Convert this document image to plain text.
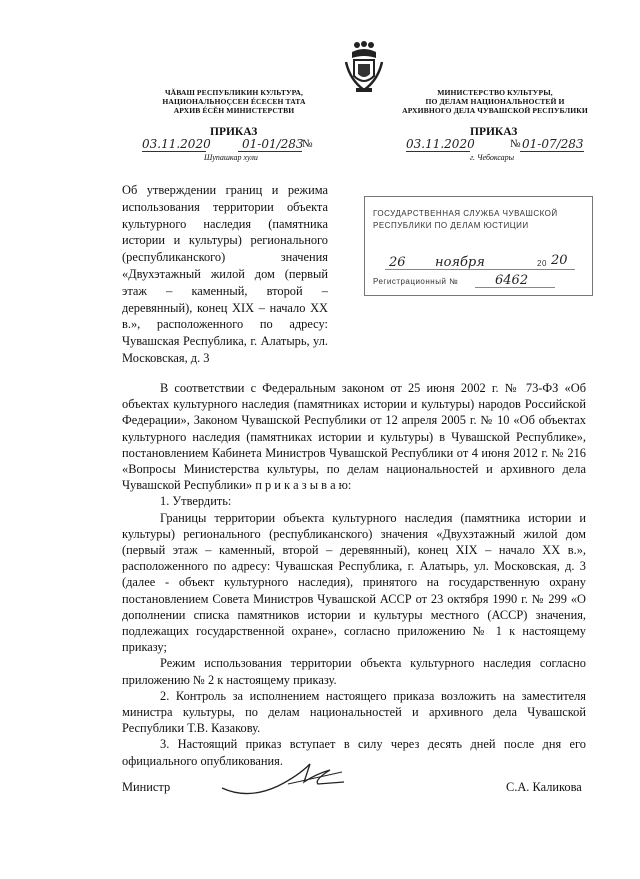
ЧĂВАШ РЕСПУБЛИКИН КУЛЬТУРА,
НАЦИОНАЛЬНОÇСЕН ÉСЕСЕН ТАТА
АРХИВ ÉСĔН МИНИСТЕРСТВИ
МИНИСТЕРСТВО КУЛЬТУРЫ,
ПО ДЕЛАМ НАЦИОНАЛЬНОСТЕЙ И
АРХИВНОГО ДЕЛА ЧУВАШСКОЙ РЕСПУБЛИКИ
ПРИКАЗ
03.11.2020	01-01/283
№
Шупашкар хули
ПРИКАЗ
03.11.2020	№ 01-07/283
г. Чебоксары
Об утверждении границ и режима использования территории объекта культурного наследия (памятника истории и культуры) регионального (республиканского) значения «Двухэтажный жилой дом (первый этаж – каменный, второй – деревянный), конец XIX – начало XX в.», расположенного по адресу: Чувашская Республика, г. Алатырь, ул. Московская, д. 3
ГОСУДАРСТВЕННАЯ СЛУЖБА ЧУВАШСКОЙ
РЕСПУБЛИКИ ПО ДЕЛАМ ЮСТИЦИИ
26 ноября	20 20
Регистрационный №	6462

В соответствии с Федеральным законом от 25 июня 2002 г. № 73-ФЗ «Об объектах культурного наследия (памятниках истории и культуры) народов Российской Федерации», Законом Чувашской Республики от 12 апреля 2005 г. № 10 «Об объектах культурного наследия (памятниках истории и культуры) в Чувашской Республике», постановлением Кабинета Министров Чувашской Республики от 4 июня 2012 г. № 216 «Вопросы Министерства культуры, по делам национальностей и архивного дела Чувашской Республики» п р и к а з ы в а ю:

1. Утвердить:

Границы территории объекта культурного наследия (памятника истории и культуры) регионального (республиканского) значения «Двухэтажный жилой дом (первый этаж – каменный, второй – деревянный), конец XIX – начало XX в.», расположенного по адресу: Чувашская Республика, г. Алатырь, ул. Московская, д. 3 (далее - объект культурного наследия), принятого на государственную охрану постановлением Совета Министров Чувашской АССР от 23 октября 1990 г. № 299 «О дополнении списка памятников истории и культуры местного (АССР) значения, подлежащих государственной охране», согласно приложению № 1 к настоящему приказу;

Режим использования территории объекта культурного наследия согласно приложению № 2 к настоящему приказу.

2. Контроль за исполнением настоящего приказа возложить на заместителя министра культуры, по делам национальностей и архивного дела Чувашской Республики Т.В. Казакову.

3. Настоящий приказ вступает в силу через десять дней после дня его официального опубликования.

Министр	С.А. Каликова
